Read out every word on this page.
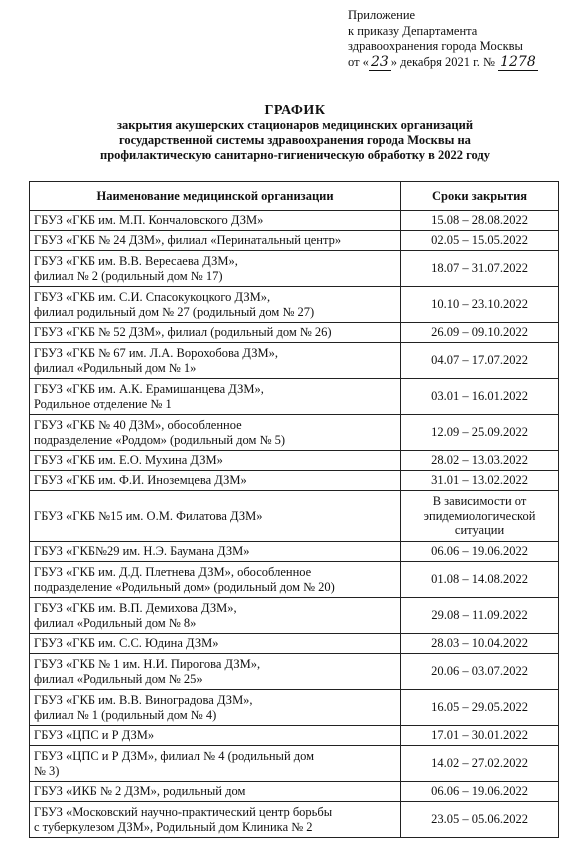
Приложение
к приказу Департамента
здравоохранения города Москвы
от « 23 » декабря 2021 г. № 1278
ГРАФИК
закрытия акушерских стационаров медицинских организаций
государственной системы здравоохранения города Москвы на
профилактическую санитарно-гигиеническую обработку в 2022 году
Наименование медицинской организации	Сроки закрытия

ГБУЗ «ГКБ им. М.П. Кончаловского ДЗМ»	15.08 – 28.08.2022

ГБУЗ «ГКБ № 24 ДЗМ», филиал «Перинатальный центр»	02.05 – 15.05.2022

ГБУЗ «ГКБ им. В.В. Вересаева ДЗМ»,
филиал № 2 (родильный дом № 17)	18.07 – 31.07.2022

ГБУЗ «ГКБ им. С.И. Спасокукоцкого ДЗМ»,
филиал родильный дом № 27 (родильный дом № 27)	10.10 – 23.10.2022

ГБУЗ «ГКБ № 52 ДЗМ», филиал (родильный дом № 26)	26.09 – 09.10.2022

ГБУЗ «ГКБ № 67 им. Л.А. Ворохобова ДЗМ»,
филиал «Родильный дом № 1»	04.07 – 17.07.2022

ГБУЗ «ГКБ им. А.К. Ерамишанцева ДЗМ»,
Родильное отделение № 1	03.01 – 16.01.2022

ГБУЗ «ГКБ № 40 ДЗМ», обособленное
подразделение «Роддом» (родильный дом № 5)	12.09 – 25.09.2022

ГБУЗ «ГКБ им. Е.О. Мухина ДЗМ»	28.02 – 13.03.2022

ГБУЗ «ГКБ им. Ф.И. Иноземцева ДЗМ»	31.01 – 13.02.2022

ГБУЗ «ГКБ №15 им. О.М. Филатова ДЗМ»	В зависимости от
эпидемиологической
ситуации

ГБУЗ «ГКБ№29 им. Н.Э. Баумана ДЗМ»	06.06 – 19.06.2022

ГБУЗ «ГКБ им. Д.Д. Плетнева ДЗМ», обособленное
подразделение «Родильный дом» (родильный дом № 20)	01.08 – 14.08.2022

ГБУЗ «ГКБ им. В.П. Демихова ДЗМ»,
филиал «Родильный дом № 8»	29.08 – 11.09.2022

ГБУЗ «ГКБ им. С.С. Юдина ДЗМ»	28.03 – 10.04.2022

ГБУЗ «ГКБ № 1 им. Н.И. Пирогова ДЗМ»,
филиал «Родильный дом № 25»	20.06 – 03.07.2022

ГБУЗ «ГКБ им. В.В. Виноградова ДЗМ»,
филиал № 1 (родильный дом № 4)	16.05 – 29.05.2022

ГБУЗ «ЦПС и Р ДЗМ»	17.01 – 30.01.2022

ГБУЗ «ЦПС и Р ДЗМ», филиал № 4 (родильный дом
№ 3)	14.02 – 27.02.2022

ГБУЗ «ИКБ № 2 ДЗМ», родильный дом	06.06 – 19.06.2022

ГБУЗ «Московский научно-практический центр борьбы
с туберкулезом ДЗМ», Родильный дом Клиника № 2	23.05 – 05.06.2022
